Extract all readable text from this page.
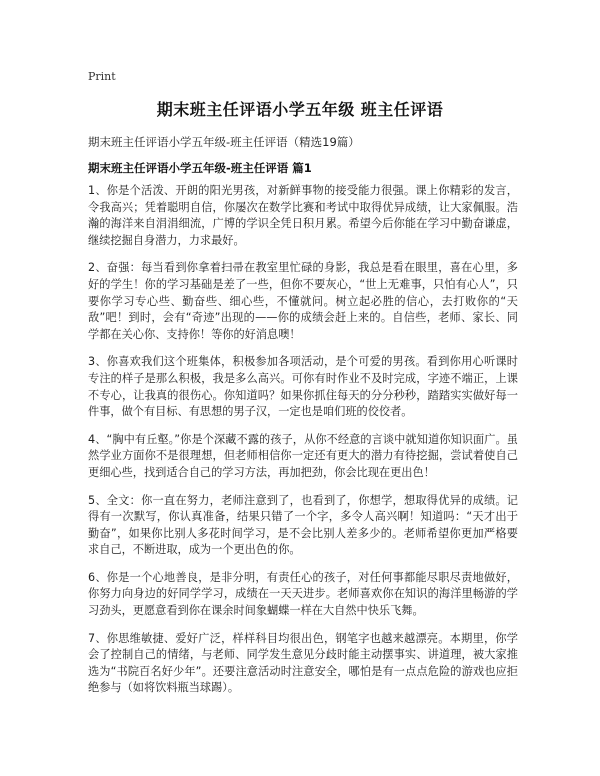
Print
期末班主任评语小学五年级 班主任评语
期末班主任评语小学五年级-班主任评语（精选19篇）
期末班主任评语小学五年级-班主任评语 篇1

1、你是个活泼、开朗的阳光男孩，对新鲜事物的接受能力很强。课上你精彩的发言，令我高兴；凭着聪明自信，你屡次在数学比赛和考试中取得优异成绩，让大家佩服。浩瀚的海洋来自涓涓细流，广博的学识全凭日积月累。希望今后你能在学习中勤奋谦虚，继续挖掘自身潜力，力求最好。

2、奋强：每当看到你拿着扫帚在教室里忙碌的身影，我总是看在眼里，喜在心里，多好的学生！你的学习基础是差了一些，但你不要灰心，“世上无难事，只怕有心人”，只要你学习专心些、勤奋些、细心些，不懂就问。树立起必胜的信心，去打败你的“天敌”吧！到时，会有“奇迹”出现的——你的成绩会赶上来的。自信些，老师、家长、同学都在关心你、支持你！等你的好消息噢！

3、你喜欢我们这个班集体，积极参加各项活动，是个可爱的男孩。看到你用心听课时专注的样子是那么积极，我是多么高兴。可你有时作业不及时完成，字迹不端正，上课不专心，让我真的很伤心。你知道吗？如果你抓住每天的分分秒秒，踏踏实实做好每一件事，做个有目标、有思想的男子汉，一定也是咱们班的佼佼者。

4、“胸中有丘壑。”你是个深藏不露的孩子，从你不经意的言谈中就知道你知识面广。虽然学业方面你不是很理想，但老师相信你一定还有更大的潜力有待挖掘，尝试着使自己更细心些，找到适合自己的学习方法，再加把劲，你会比现在更出色！

5、全文：你一直在努力，老师注意到了，也看到了，你想学，想取得优异的成绩。记得有一次默写，你认真准备，结果只错了一个字，多令人高兴啊！知道吗：“天才出于勤奋”，如果你比别人多花时间学习，是不会比别人差多少的。老师希望你更加严格要求自己，不断进取，成为一个更出色的你。

6、你是一个心地善良，是非分明，有责任心的孩子，对任何事都能尽职尽责地做好，你努力向身边的好同学学习，成绩在一天天进步。老师喜欢你在知识的海洋里畅游的学习劲头，更愿意看到你在课余时间象蝴蝶一样在大自然中快乐飞舞。

7、你思维敏捷、爱好广泛，样样科目均很出色，钢笔字也越来越漂亮。本期里，你学会了控制自己的情绪，与老师、同学发生意见分歧时能主动摆事实、讲道理，被大家推选为“书院百名好少年”。还要注意活动时注意安全，哪怕是有一点点危险的游戏也应拒绝参与（如将饮料瓶当球踢）。
